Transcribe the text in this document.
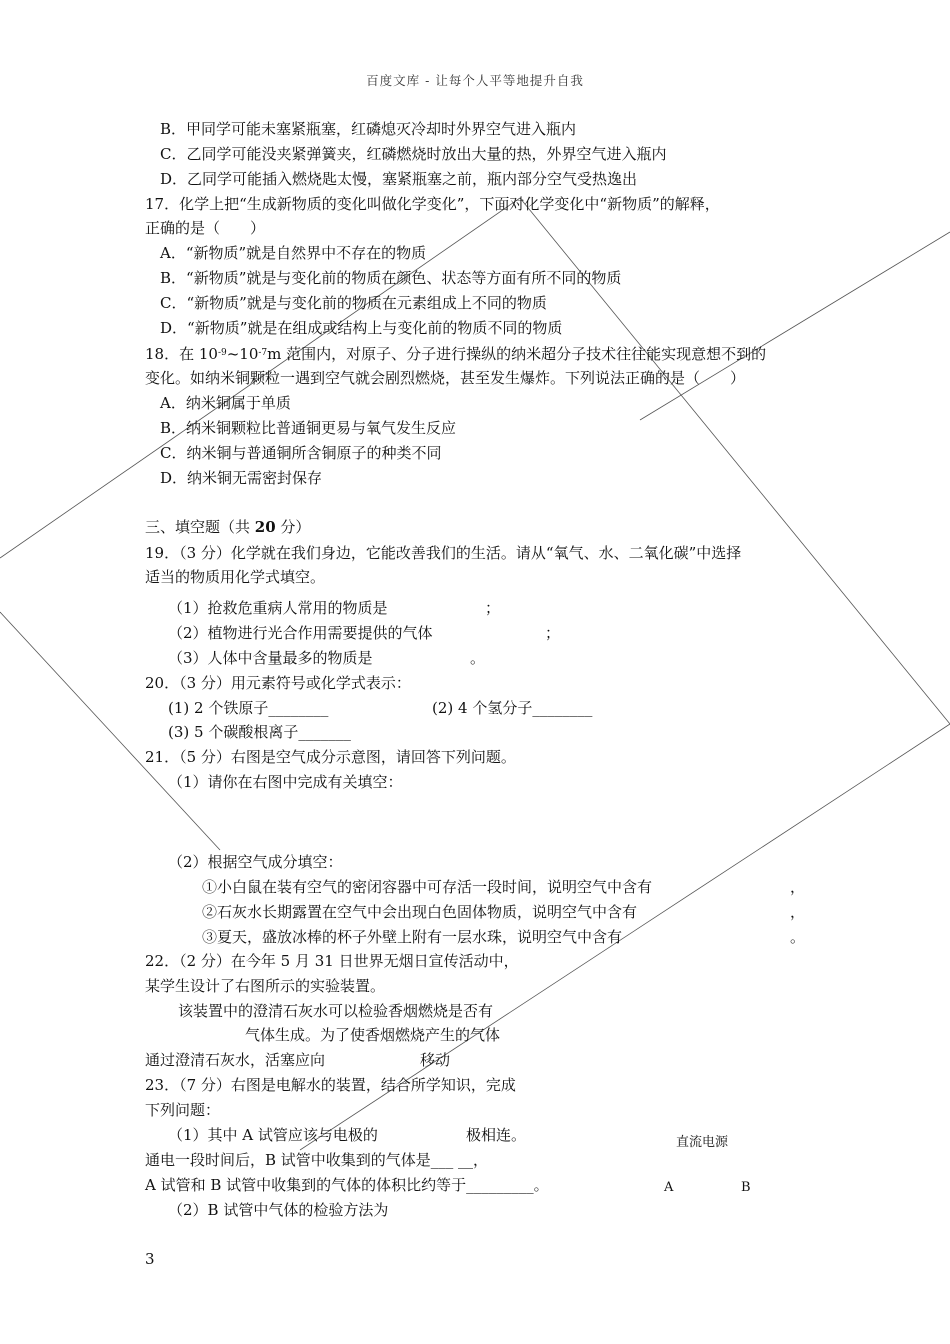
百度文库 - 让每个人平等地提升自我
B．甲同学可能未塞紧瓶塞，红磷熄灭冷却时外界空气进入瓶内
C．乙同学可能没夹紧弹簧夹，红磷燃烧时放出大量的热，外界空气进入瓶内
D．乙同学可能插入燃烧匙太慢，塞紧瓶塞之前，瓶内部分空气受热逸出
17．化学上把“生成新物质的变化叫做化学变化”，下面对化学变化中“新物质”的解释，
正确的是（　　）
A．“新物质”就是自然界中不存在的物质
B．“新物质”就是与变化前的物质在颜色、状态等方面有所不同的物质
C．“新物质”就是与变化前的物质在元素组成上不同的物质
D．“新物质”就是在组成或结构上与变化前的物质不同的物质
18．在 $10^{-9}\sim 10^{-7}m$ 范围内，对原子、分子进行操纵的纳米超分子技术往往能实现意想不到的
变化。如纳米铜颗粒一遇到空气就会剧烈燃烧，甚至发生爆炸。下列说法正确的是（　　）
A．纳米铜属于单质
B．纳米铜颗粒比普通铜更易与氧气发生反应
C．纳米铜与普通铜所含铜原子的种类不同
D．纳米铜无需密封保存
三、填空题（共 20 分）
19．（3 分）化学就在我们身边，它能改善我们的生活。请从“氧气、水、二氧化碳”中选择
适当的物质用化学式填空。
（1）抢救危重病人常用的物质是	；
（2）植物进行光合作用需要提供的气体	；
（3）人体中含量最多的物质是	。
20．（3 分）用元素符号或化学式表示：
(1) 2 个铁原子________	(2) 4 个氢分子________
(3) 5 个碳酸根离子_______
21．（5 分）右图是空气成分示意图，请回答下列问题。
（1）请你在右图中完成有关填空：
（2）根据空气成分填空：
①小白鼠在装有空气的密闭容器中可存活一段时间，说明空气中含有	，
②石灰水长期露置在空气中会出现白色固体物质，说明空气中含有	，
③夏天，盛放冰棒的杯子外壁上附有一层水珠，说明空气中含有	。
22．（2 分）在今年 5 月 31 日世界无烟日宣传活动中，
某学生设计了右图所示的实验装置。
该装置中的澄清石灰水可以检验香烟燃烧是否有
气体生成。为了使香烟燃烧产生的气体
通过澄清石灰水，活塞应向	移动
23．（7 分）右图是电解水的装置，结合所学知识，完成
下列问题：
（1）其中 A 试管应该与电极的	极相连。
通电一段时间后，B 试管中收集到的气体是___ __，
A 试管和 B 试管中收集到的气体的体积比约等于_________。
（2）B 试管中气体的检验方法为
直流电源
A	B
3
